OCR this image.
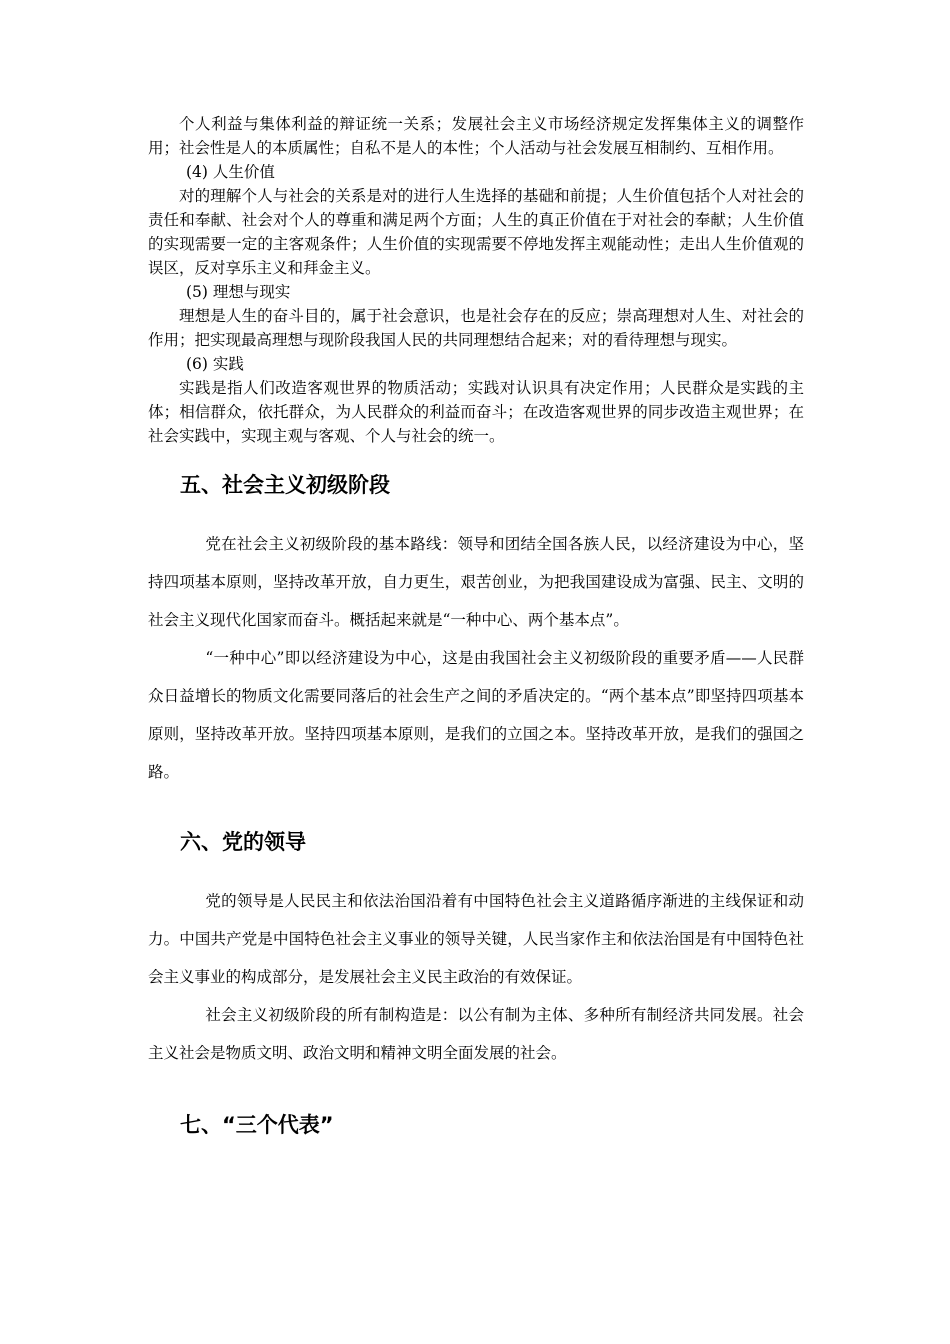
个人利益与集体利益的辩证统一关系；发展社会主义市场经济规定发挥集体主义的调整作用；社会性是人的本质属性；自私不是人的本性；个人活动与社会发展互相制约、互相作用。

(4) 人生价值

对的理解个人与社会的关系是对的进行人生选择的基础和前提；人生价值包括个人对社会的责任和奉献、社会对个人的尊重和满足两个方面；人生的真正价值在于对社会的奉献；人生价值的实现需要一定的主客观条件；人生价值的实现需要不停地发挥主观能动性；走出人生价值观的误区，反对享乐主义和拜金主义。

(5) 理想与现实

理想是人生的奋斗目的，属于社会意识，也是社会存在的反应；崇高理想对人生、对社会的作用；把实现最高理想与现阶段我国人民的共同理想结合起来；对的看待理想与现实。

(6) 实践

实践是指人们改造客观世界的物质活动；实践对认识具有决定作用；人民群众是实践的主体；相信群众，依托群众，为人民群众的利益而奋斗；在改造客观世界的同步改造主观世界；在社会实践中，实现主观与客观、个人与社会的统一。

五、社会主义初级阶段

党在社会主义初级阶段的基本路线：领导和团结全国各族人民，以经济建设为中心，坚持四项基本原则，坚持改革开放，自力更生，艰苦创业，为把我国建设成为富强、民主、文明的社会主义现代化国家而奋斗。概括起来就是“一种中心、两个基本点”。

“一种中心”即以经济建设为中心，这是由我国社会主义初级阶段的重要矛盾——人民群众日益增长的物质文化需要同落后的社会生产之间的矛盾决定的。“两个基本点”即坚持四项基本原则，坚持改革开放。坚持四项基本原则，是我们的立国之本。坚持改革开放，是我们的强国之路。

六、党的领导

党的领导是人民民主和依法治国沿着有中国特色社会主义道路循序渐进的主线保证和动力。中国共产党是中国特色社会主义事业的领导关键，人民当家作主和依法治国是有中国特色社会主义事业的构成部分，是发展社会主义民主政治的有效保证。

社会主义初级阶段的所有制构造是：以公有制为主体、多种所有制经济共同发展。社会主义社会是物质文明、政治文明和精神文明全面发展的社会。

七、“三个代表”
